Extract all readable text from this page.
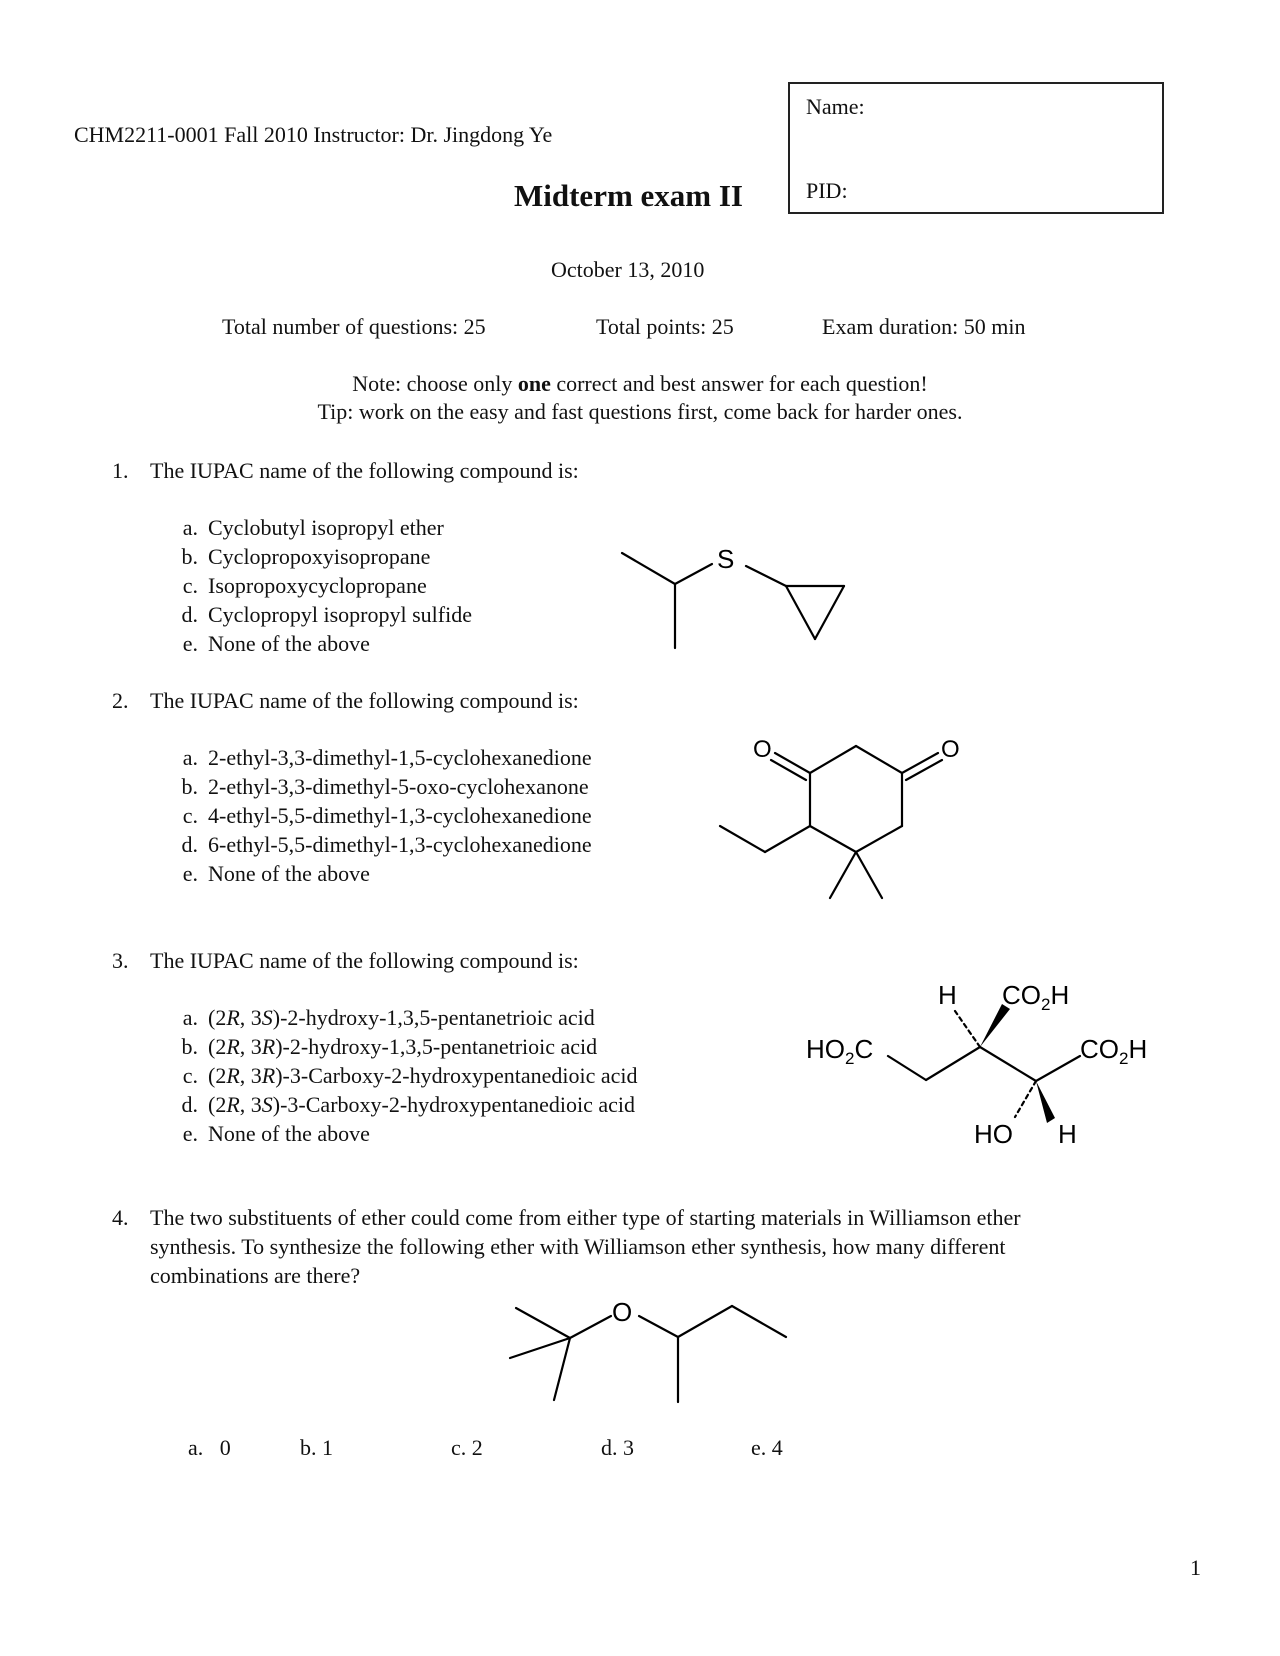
CHM2211-0001 Fall 2010 Instructor: Dr. Jingdong Ye
Name:
PID:
Midterm exam II
October 13, 2010
Total number of questions: 25	Total points: 25	Exam duration: 50 min
Note: choose only one correct and best answer for each question!
Tip: work on the easy and fast questions first, come back for harder ones.
1. The IUPAC name of the following compound is:
a. Cyclobutyl isopropyl ether
b. Cyclopropoxyisopropane
c. Isopropoxycyclopropane
d. Cyclopropyl isopropyl sulfide
e. None of the above
S
2. The IUPAC name of the following compound is:
a. 2-ethyl-3,3-dimethyl-1,5-cyclohexanedione
b. 2-ethyl-3,3-dimethyl-5-oxo-cyclohexanone
c. 4-ethyl-5,5-dimethyl-1,3-cyclohexanedione
d. 6-ethyl-5,5-dimethyl-1,3-cyclohexanedione
e. None of the above
O	O
3. The IUPAC name of the following compound is:
a. (2R, 3S)-2-hydroxy-1,3,5-pentanetrioic acid
b. (2R, 3R)-2-hydroxy-1,3,5-pentanetrioic acid
c. (2R, 3R)-3-Carboxy-2-hydroxypentanedioic acid
d. (2R, 3S)-3-Carboxy-2-hydroxypentanedioic acid
e. None of the above
H $CO_2H$
$HO_2C$	$CO_2H$
HO H
4. The two substituents of ether could come from either type of starting materials in Williamson ether
synthesis. To synthesize the following ether with Williamson ether synthesis, how many different
combinations are there?
O
a. 0	b. 1	c. 2	d. 3	e. 4
1
